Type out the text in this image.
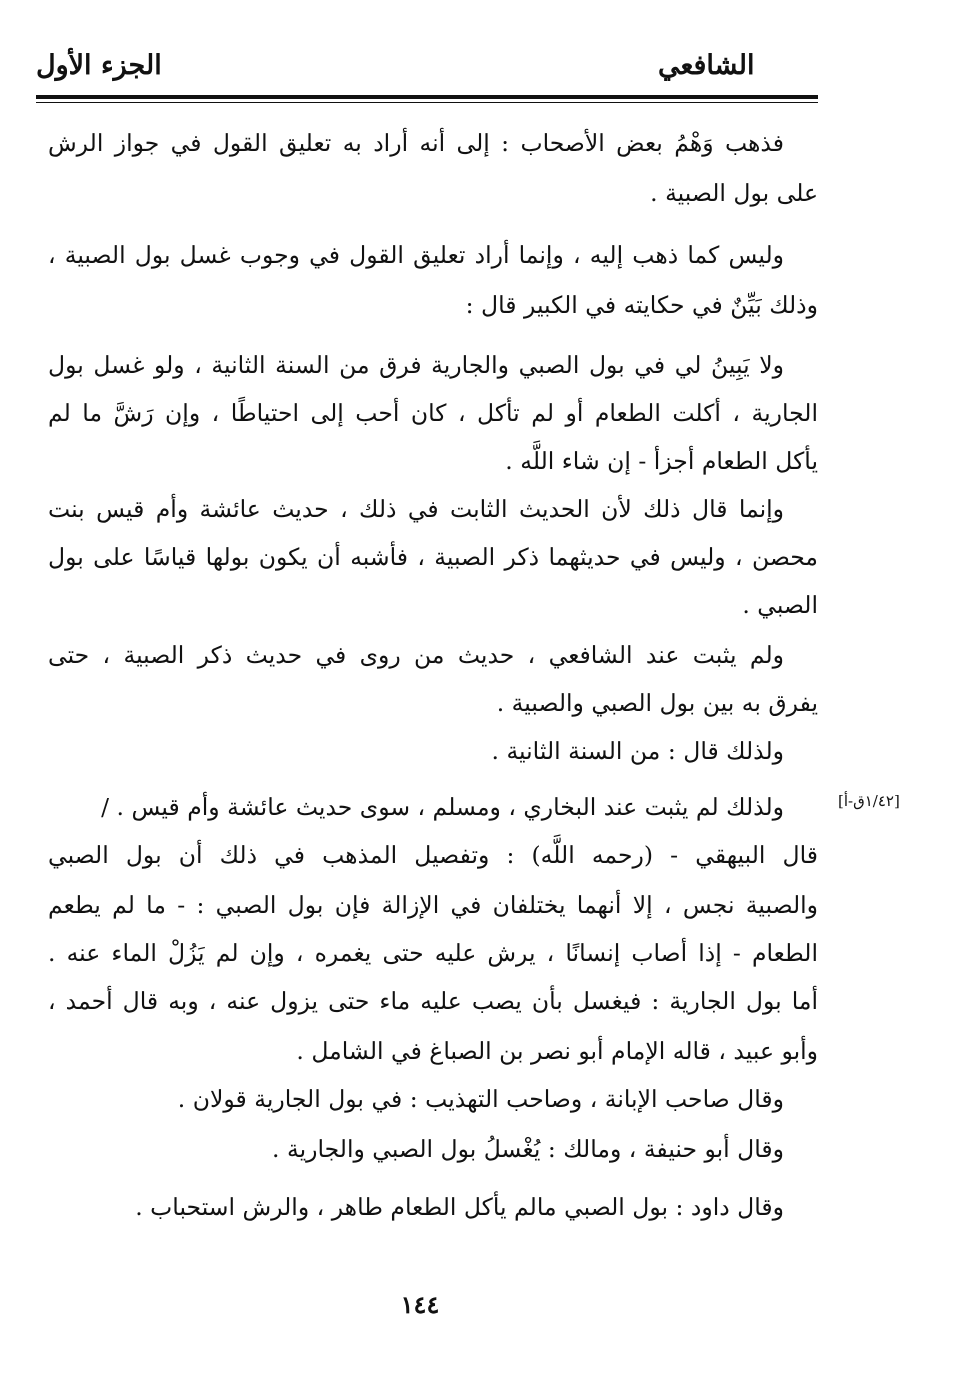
الشافعي
الجزء الأول
فذهب وَهْمُ بعض الأصحاب : إلى أنه أراد به تعليق القول في جواز الرش
على بول الصبية .
وليس كما ذهب إليه ، وإنما أراد تعليق القول في وجوب غسل بول الصبية ،
وذلك بَيِّنٌ في حكايته في الكبير قال :
ولا يَبِينُ لي في بول الصبي والجارية فرق من السنة الثانية ، ولو غسل بول
الجارية ، أكلت الطعام أو لم تأكل ، كان أحب إلى احتياطًا ، وإن رَشَّ ما لم
يأكل الطعام أجزأ - إن شاء اللَّه .
وإنما قال ذلك لأن الحديث الثابت في ذلك ، حديث عائشة وأم قيس بنت
محصن ، وليس في حديثهما ذكر الصبية ، فأشبه أن يكون بولها قياسًا على بول
الصبي .
ولم يثبت عند الشافعي ، حديث من روى في حديث ذكر الصبية ، حتى
يفرق به بين بول الصبي والصبية .
ولذلك قال : من السنة الثانية .
ولذلك لم يثبت عند البخاري ، ومسلم ، سوى حديث عائشة وأم قيس . /	[١/٤٢ق-أ]
قال البيهقي - (رحمه اللَّه) : وتفصيل المذهب في ذلك أن بول الصبي
والصبية نجس ، إلا أنهما يختلفان في الإزالة فإن بول الصبي : - ما لم يطعم
الطعام - إذا أصاب إنسانًا ، يرش عليه حتى يغمره ، وإن لم يَزُلْ الماء عنه .
أما بول الجارية : فيغسل بأن يصب عليه ماء حتى يزول عنه ، وبه قال أحمد ،
وأبو عبيد ، قاله الإمام أبو نصر بن الصباغ في الشامل .
وقال صاحب الإبانة ، وصاحب التهذيب : في بول الجارية قولان .
وقال أبو حنيفة ، ومالك : يُغْسلُ بول الصبي والجارية .
وقال داود : بول الصبي مالم يأكل الطعام طاهر ، والرش استحباب .
١٤٤
